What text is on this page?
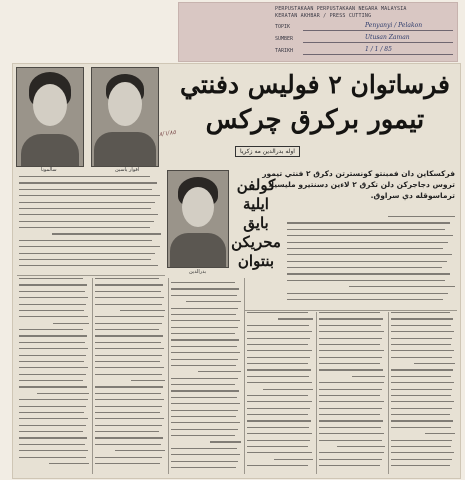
PERPUSTAKAAN PERPUSTAKAAN NEGARA MALAYSIA
KERATAN AKHBAR / PRESS CUTTING
TOPIK	Penyanyi / Pelakon
SUMBER	Utusan Zaman
TARIKH	1 / 1 / 85
سالمونا	افوار ياسين
٨/١/٨٥
فرساتوان ٢ فوليس دفنتي
تيمور بركرق چرکس
اوله بدرالدين مه زكريا
فركسكاين دان فمبنتو كونسترتن دكرق ٢ فنتي تيمور تروس دجاجرکن دلن تکرق ٢ لاءين دسنتيرو مليسيا، ترماسوقله دي سراوق.
بدرالدين
كولفن ايلية بايق محريكن بنتوان
